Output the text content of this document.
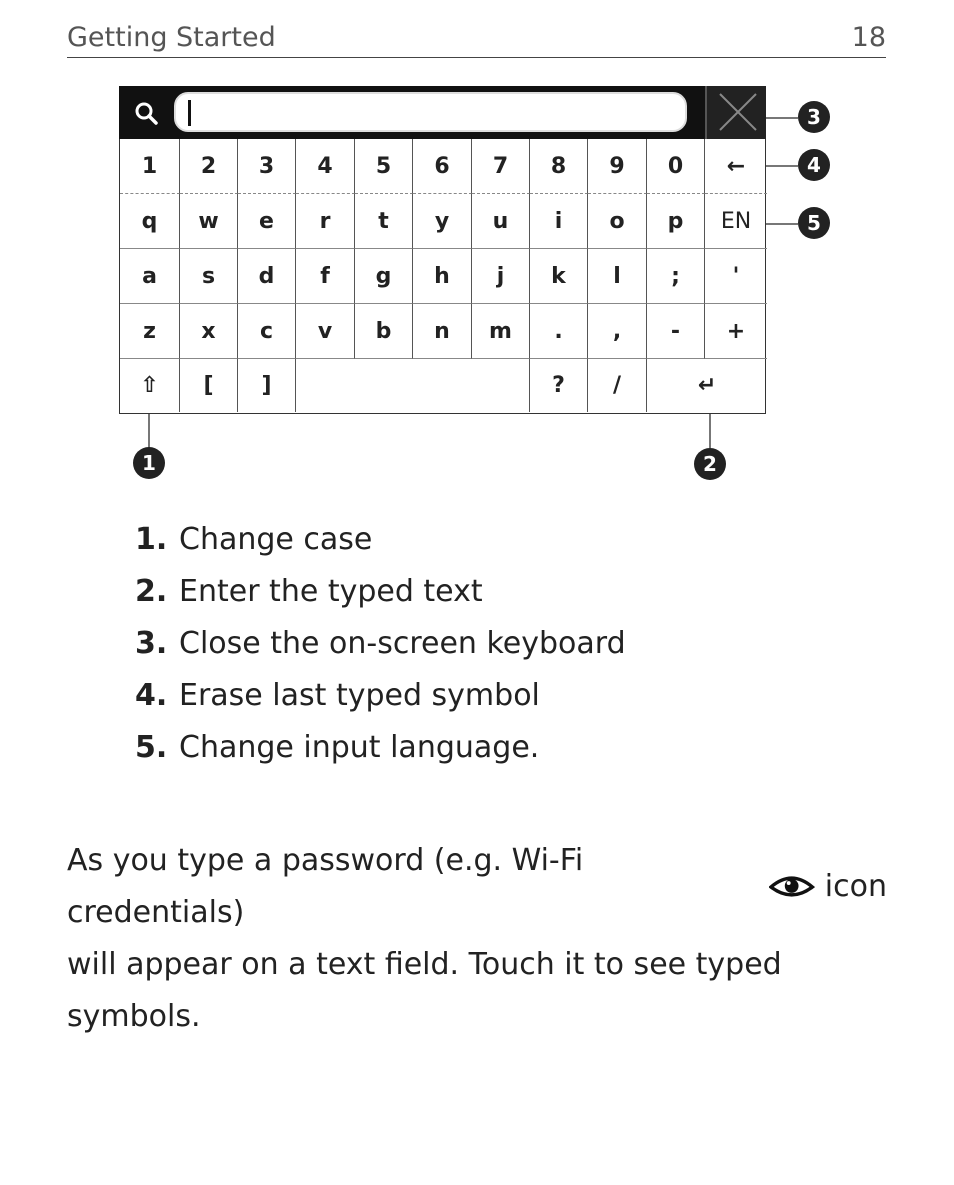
Getting Started	18
1 2 3 4 5 6 7 8 9 0 ←
q w e r t y u i o p EN
a s d f g h j k l ; '
z x c v b n m . , - +
⇧ [ ]	? /	↵
1	2
3
4
5
1. Change case
2. Enter the typed text
3. Close the on-screen keyboard
4. Erase last typed symbol
5. Change input language.
As you type a password (e.g. Wi-Fi credentials)
icon
will appear on a text field. Touch it to see typed symbols.
